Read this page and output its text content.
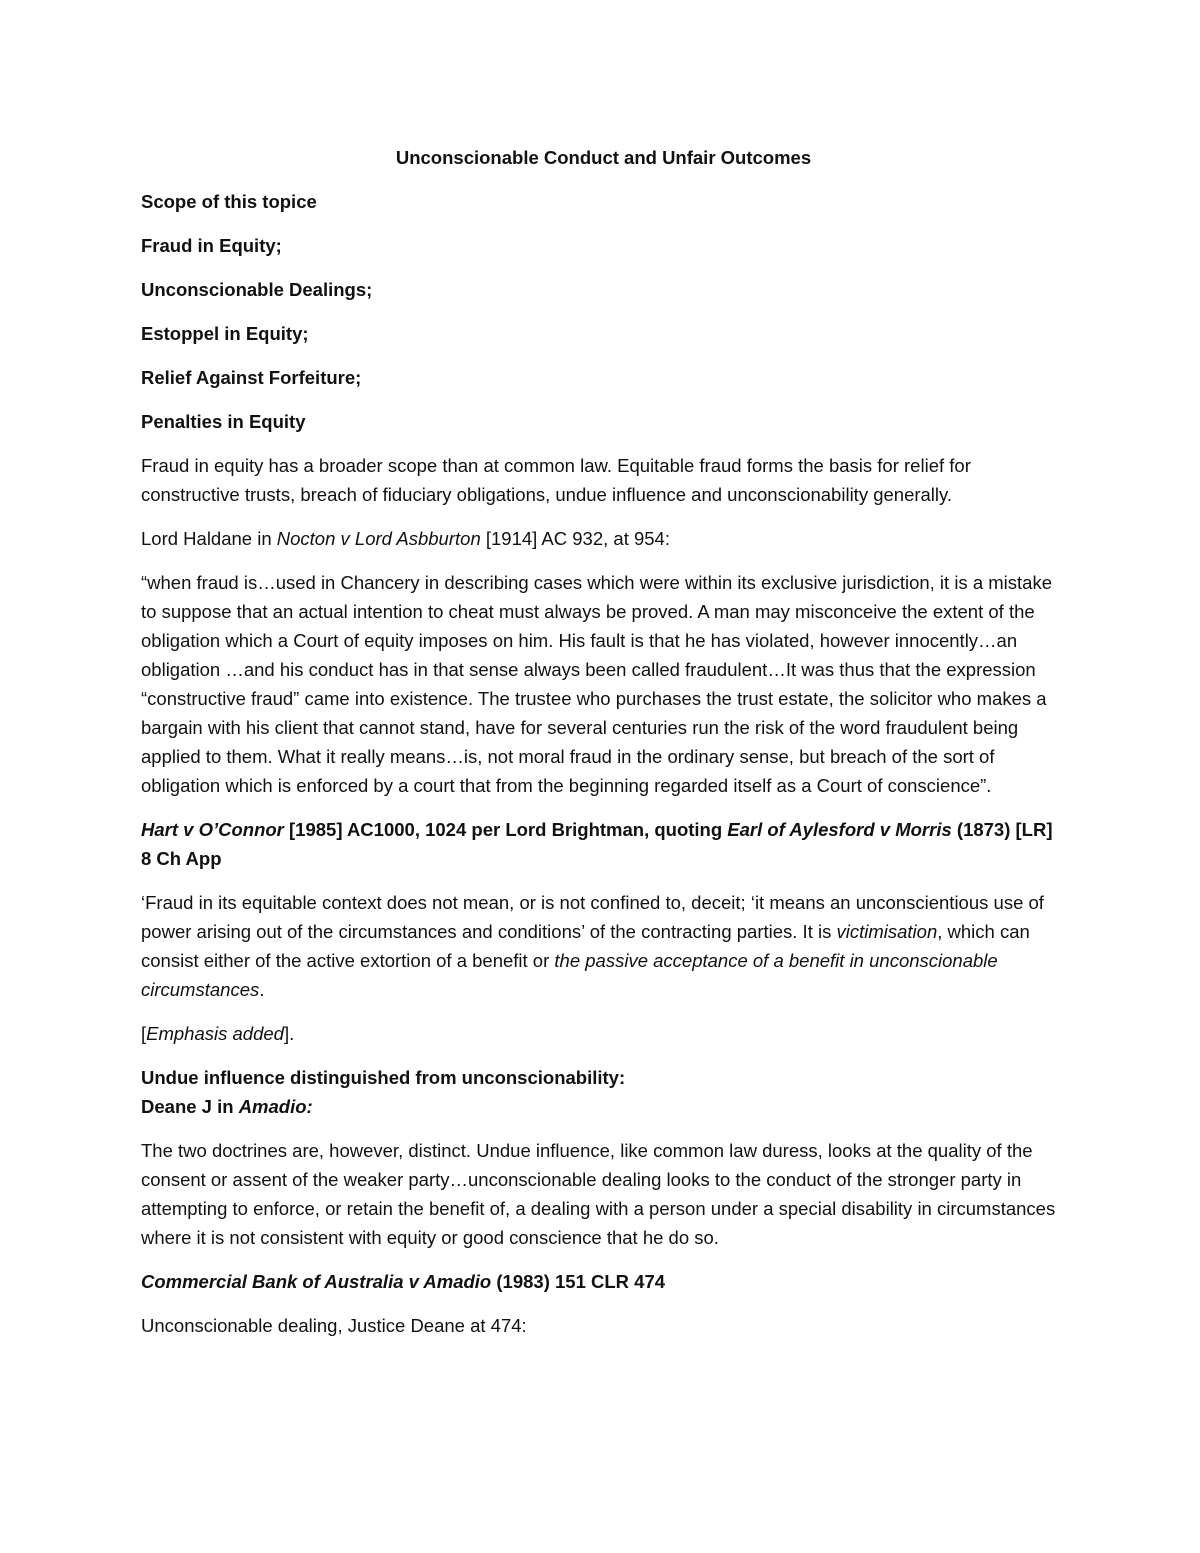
Unconscionable Conduct and Unfair Outcomes

Scope of this topice

Fraud in Equity;

Unconscionable Dealings;

Estoppel in Equity;

Relief Against Forfeiture;

Penalties in Equity

Fraud in equity has a broader scope than at common law. Equitable fraud forms the basis for relief for constructive trusts, breach of fiduciary obligations, undue influence and unconscionability generally.

Lord Haldane in Nocton v Lord Asbburton [1914] AC 932, at 954:

“when fraud is…used in Chancery in describing cases which were within its exclusive jurisdiction, it is a mistake to suppose that an actual intention to cheat must always be proved. A man may misconceive the extent of the obligation which a Court of equity imposes on him. His fault is that he has violated, however innocently…an obligation …and his conduct has in that sense always been called fraudulent…It was thus that the expression “constructive fraud” came into existence. The trustee who purchases the trust estate, the solicitor who makes a bargain with his client that cannot stand, have for several centuries run the risk of the word fraudulent being applied to them. What it really means…is, not moral fraud in the ordinary sense, but breach of the sort of obligation which is enforced by a court that from the beginning regarded itself as a Court of conscience”.

Hart v O’Connor [1985] AC1000, 1024 per Lord Brightman, quoting Earl of Aylesford v Morris (1873) [LR] 8 Ch App

‘Fraud in its equitable context does not mean, or is not confined to, deceit; ‘it means an unconscientious use of power arising out of the circumstances and conditions’ of the contracting parties. It is victimisation, which can consist either of the active extortion of a benefit or the passive acceptance of a benefit in unconscionable circumstances.

[Emphasis added].

Undue influence distinguished from unconscionability:
Deane J in Amadio:

The two doctrines are, however, distinct. Undue influence, like common law duress, looks at the quality of the consent or assent of the weaker party…unconscionable dealing looks to the conduct of the stronger party in attempting to enforce, or retain the benefit of, a dealing with a person under a special disability in circumstances where it is not consistent with equity or good conscience that he do so.

Commercial Bank of Australia v Amadio (1983) 151 CLR 474

Unconscionable dealing, Justice Deane at 474:
